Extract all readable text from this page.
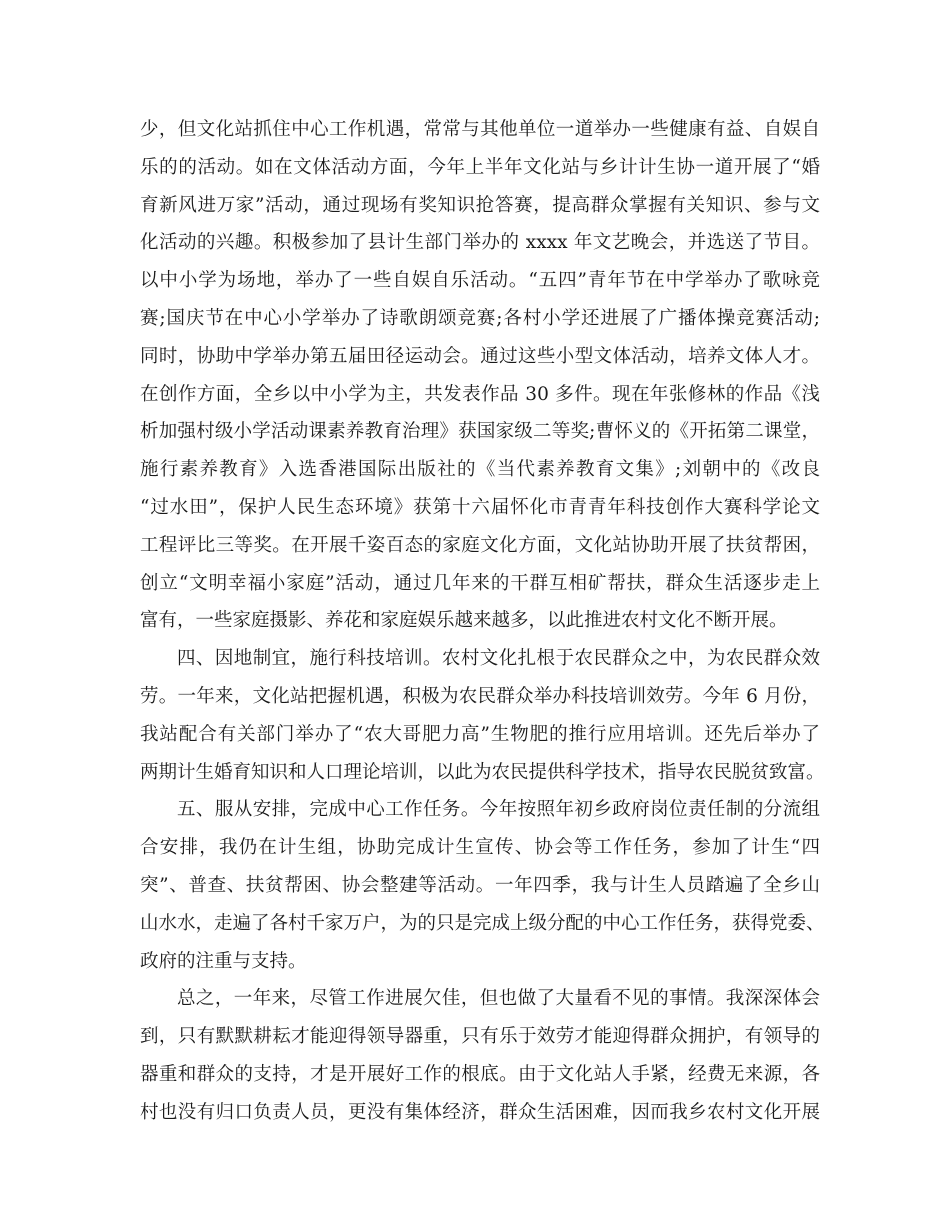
少，但文化站抓住中心工作机遇，常常与其他单位一道举办一些健康有益、自娱自
乐的的活动。如在文体活动方面，今年上半年文化站与乡计计生协一道开展了“婚
育新风进万家”活动，通过现场有奖知识抢答赛，提高群众掌握有关知识、参与文
化活动的兴趣。积极参加了县计生部门举办的 xxxx 年文艺晚会，并选送了节目。
以中小学为场地，举办了一些自娱自乐活动。“五四”青年节在中学举办了歌咏竞
赛;国庆节在中心小学举办了诗歌朗颂竞赛;各村小学还进展了广播体操竞赛活动;
同时，协助中学举办第五届田径运动会。通过这些小型文体活动，培养文体人才。
在创作方面，全乡以中小学为主，共发表作品 30 多件。现在年张修林的作品《浅
析加强村级小学活动课素养教育治理》获国家级二等奖;曹怀义的《开拓第二课堂，
施行素养教育》入选香港国际出版社的《当代素养教育文集》;刘朝中的《改良
“过水田”，保护人民生态环境》获第十六届怀化市青青年科技创作大赛科学论文
工程评比三等奖。在开展千姿百态的家庭文化方面，文化站协助开展了扶贫帮困，
创立“文明幸福小家庭”活动，通过几年来的干群互相矿帮扶，群众生活逐步走上
富有，一些家庭摄影、养花和家庭娱乐越来越多，以此推进农村文化不断开展。
四、因地制宜，施行科技培训。农村文化扎根于农民群众之中，为农民群众效
劳。一年来，文化站把握机遇，积极为农民群众举办科技培训效劳。今年 6 月份，
我站配合有关部门举办了“农大哥肥力高”生物肥的推行应用培训。还先后举办了
两期计生婚育知识和人口理论培训，以此为农民提供科学技术，指导农民脱贫致富。
五、服从安排，完成中心工作任务。今年按照年初乡政府岗位责任制的分流组
合安排，我仍在计生组，协助完成计生宣传、协会等工作任务，参加了计生“四
突”、普查、扶贫帮困、协会整建等活动。一年四季，我与计生人员踏遍了全乡山
山水水，走遍了各村千家万户，为的只是完成上级分配的中心工作任务，获得党委、
政府的注重与支持。
总之，一年来，尽管工作进展欠佳，但也做了大量看不见的事情。我深深体会
到，只有默默耕耘才能迎得领导器重，只有乐于效劳才能迎得群众拥护，有领导的
器重和群众的支持，才是开展好工作的根底。由于文化站人手紧，经费无来源，各
村也没有归口负责人员，更没有集体经济，群众生活困难，因而我乡农村文化开展
